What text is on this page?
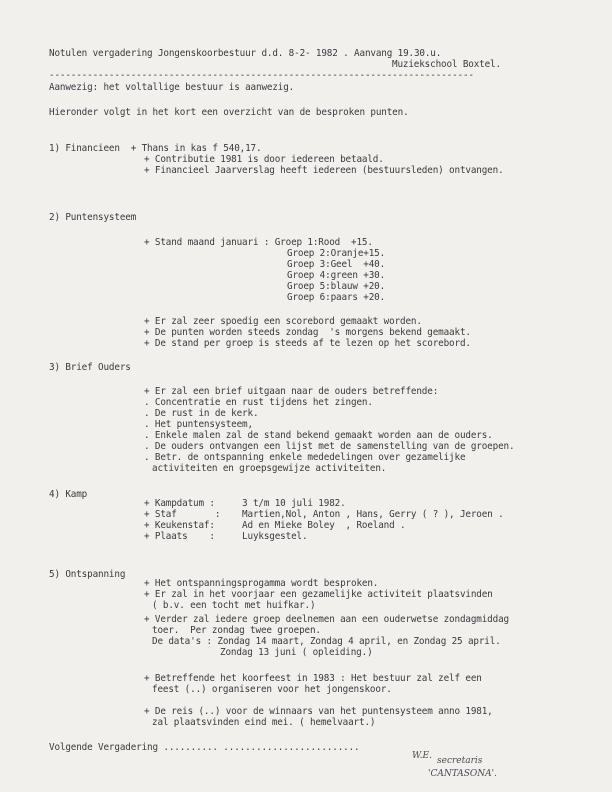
Notulen vergadering Jongenskoorbestuur d.d. 8-2- 1982 . Aanvang 19.30.u.
Muziekschool Boxtel.
------------------------------------------------------------------------------
Aanwezig: het voltallige bestuur is aanwezig.
Hieronder volgt in het kort een overzicht van de besproken punten.
1) Financieen  + Thans in kas f 540,17.
+ Contributie 1981 is door iedereen betaald.
+ Financieel Jaarverslag heeft iedereen (bestuursleden) ontvangen.
2) Puntensysteem
+ Stand maand januari : Groep 1:Rood  +15.
Groep 2:Oranje+15.
Groep 3:Geel  +40.
Groep 4:green +30.
Groep 5:blauw +20.
Groep 6:paars +20.
+ Er zal zeer spoedig een scorebord gemaakt worden.
+ De punten worden steeds zondag  's morgens bekend gemaakt.
+ De stand per groep is steeds af te lezen op het scorebord.
3) Brief Ouders
+ Er zal een brief uitgaan naar de ouders betreffende:
. Concentratie en rust tijdens het zingen.
. De rust in de kerk.
. Het puntensysteem,
. Enkele malen zal de stand bekend gemaakt worden aan de ouders.
. De ouders ontvangen een lijst met de samenstelling van de groepen.
. Betr. de ontspanning enkele mededelingen over gezamelijke
activiteiten en groepsgewijze activiteiten.
4) Kamp
+ Kampdatum :     3 t/m 10 juli 1982.
+ Staf       :    Martien,Nol, Anton , Hans, Gerry ( ? ), Jeroen .
+ Keukenstaf:     Ad en Mieke Boley  , Roeland .
+ Plaats    :     Luyksgestel.
5) Ontspanning
+ Het ontspanningsprogamma wordt besproken.
+ Er zal in het voorjaar een gezamelijke activiteit plaatsvinden
( b.v. een tocht met huifkar.)
+ Verder zal iedere groep deelnemen aan een ouderwetse zondagmiddag
toer.  Per zondag twee groepen.
De data's : Zondag 14 maart, Zondag 4 april, en Zondag 25 april.
Zondag 13 juni ( opleiding.)
+ Betreffende het koorfeest in 1983 : Het bestuur zal zelf een
feest (..) organiseren voor het jongenskoor.
+ De reis (..) voor de winnaars van het puntensysteem anno 1981,
zal plaatsvinden eind mei. ( hemelvaart.)
Volgende Vergadering .......... .........................
W.E. secretaris
'CANTASONA'.
